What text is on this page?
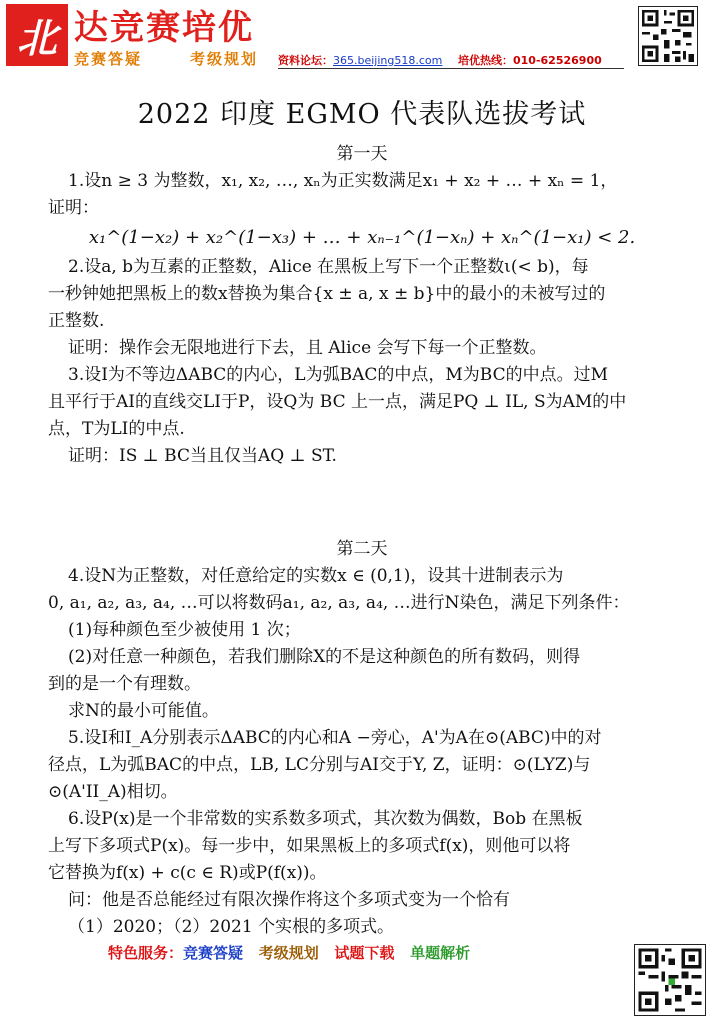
北 达竞赛培优
竞赛答疑	考级规划 资料论坛：365.beijing518.com 培优热线：010-62526900
2022 印度 EGMO 代表队选拔考试
第一天

1.设n ≥ 3 为整数，x₁, x₂, …, xₙ为正实数满足x₁ + x₂ + … + xₙ = 1，

证明：

x₁^(1−x₂) + x₂^(1−x₃) + … + xₙ₋₁^(1−xₙ) + xₙ^(1−x₁) < 2.

2.设a, b为互素的正整数，Alice 在黑板上写下一个正整数ι(< b)，每

一秒钟她把黑板上的数x替换为集合{x ± a, x ± b}中的最小的未被写过的

正整数.

证明：操作会无限地进行下去，且 Alice 会写下每一个正整数。

3.设I为不等边ΔABC的内心，L为弧BAC的中点，M为BC的中点。过M

且平行于AI的直线交LI于P，设Q为 BC 上一点，满足PQ ⊥ IL, S为AM的中

点，T为LI的中点.

证明：IS ⊥ BC当且仅当AQ ⊥ ST.

第二天

4.设N为正整数，对任意给定的实数x ∈ (0,1)，设其十进制表示为

0, a₁, a₂, a₃, a₄, …可以将数码a₁, a₂, a₃, a₄, …进行N染色，满足下列条件：

(1)每种颜色至少被使用 1 次；

(2)对任意一种颜色，若我们删除X的不是这种颜色的所有数码，则得

到的是一个有理数。

求N的最小可能值。

5.设I和I_A分别表示ΔABC的内心和A −旁心，A'为A在⊙(ABC)中的对

径点，L为弧BAC的中点，LB, LC分别与AI交于Y, Z，证明：⊙(LYZ)与

⊙(A'II_A)相切。

6.设P(x)是一个非常数的实系数多项式，其次数为偶数，Bob 在黑板

上写下多项式P(x)。每一步中，如果黑板上的多项式f(x)，则他可以将

它替换为f(x) + c(c ∈ R)或P(f(x))。

问：他是否总能经过有限次操作将这个多项式变为一个恰有

（1）2020；（2）2021 个实根的多项式。

特色服务：竞赛答疑 考级规划 试题下载 单题解析
